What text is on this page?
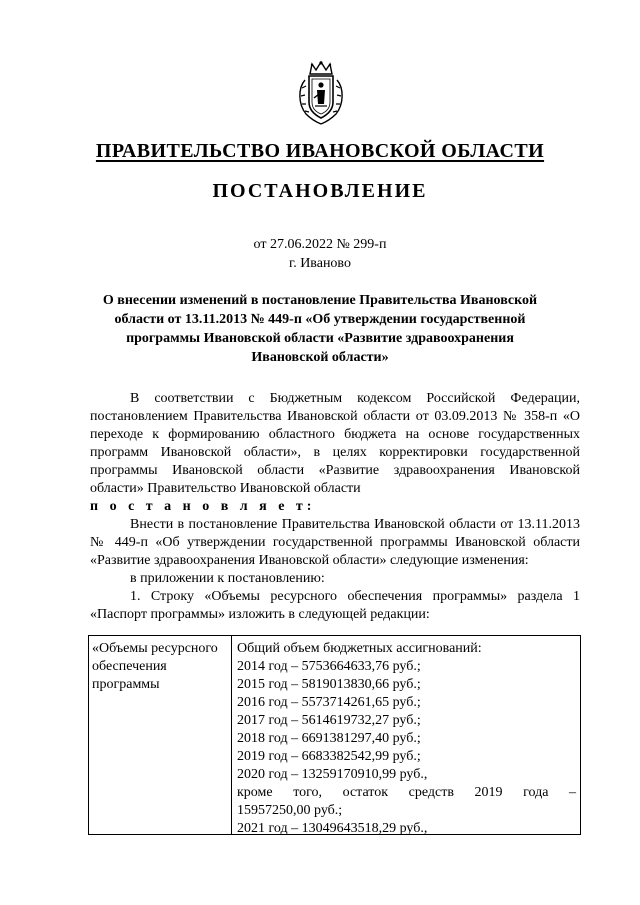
ПРАВИТЕЛЬСТВО ИВАНОВСКОЙ ОБЛАСТИ
ПОСТАНОВЛЕНИЕ
от 27.06.2022 № 299-п
г. Иваново
О внесении изменений в постановление Правительства Ивановской области от 13.11.2013 № 449-п «Об утверждении государственной программы Ивановской области «Развитие здравоохранения Ивановской области»

В соответствии с Бюджетным кодексом Российской Федерации, постановлением Правительства Ивановской области от 03.09.2013 № 358-п «О переходе к формированию областного бюджета на основе государственных программ Ивановской области», в целях корректировки государственной программы Ивановской области «Развитие здравоохранения Ивановской области» Правительство Ивановской области

п о с т а н о в л я е т:

Внести в постановление Правительства Ивановской области от 13.11.2013 № 449-п «Об утверждении государственной программы Ивановской области «Развитие здравоохранения Ивановской области» следующие изменения:

в приложении к постановлению:

1. Строку «Объемы ресурсного обеспечения программы» раздела 1 «Паспорт программы» изложить в следующей редакции:

«Объемы ресурсного обеспечения программы
Общий объем бюджетных ассигнований:
2014 год – 5753664633,76 руб.;
2015 год – 5819013830,66 руб.;
2016 год – 5573714261,65 руб.;
2017 год – 5614619732,27 руб.;
2018 год – 6691381297,40 руб.;
2019 год – 6683382542,99 руб.;
2020 год – 13259170910,99 руб.,
кроме того, остаток средств 2019 года –
15957250,00 руб.;
2021 год – 13049643518,29 руб.,
